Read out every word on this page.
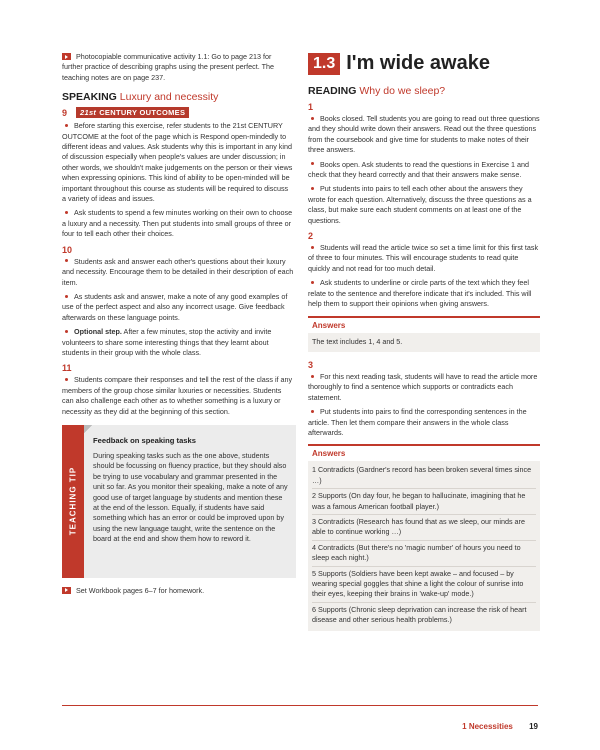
Photocopiable communicative activity 1.1: Go to page 213 for further practice of describing graphs using the present perfect. The teaching notes are on page 237.

SPEAKING Luxury and necessity
9	21st CENTURY OUTCOMES

Before starting this exercise, refer students to the 21st CENTURY OUTCOME at the foot of the page which is Respond open-mindedly to different ideas and values. Ask students why this is important in any kind of discussion especially when people's values are under discussion; in other words, we shouldn't make judgements on the person or their views when expressing opinions. This kind of ability to be open-minded will be important throughout this course as students will be required to discuss a variety of ideas and issues.

Ask students to spend a few minutes working on their own to choose a luxury and a necessity. Then put students into small groups of three or four to tell each other their choices.

10

Students ask and answer each other's questions about their luxury and necessity. Encourage them to be detailed in their description of each item.

As students ask and answer, make a note of any good examples of use of the perfect aspect and also any incorrect usage. Give feedback afterwards on these language points.

Optional step. After a few minutes, stop the activity and invite volunteers to share some interesting things that they learnt about students in their group with the whole class.

11

Students compare their responses and tell the rest of the class if any members of the group chose similar luxuries or necessities. Students can also challenge each other as to whether something is a luxury or necessity as they did at the beginning of this section.

TEACHING TIP
Feedback on speaking tasks

During speaking tasks such as the one above, students should be focussing on fluency practice, but they should also be trying to use vocabulary and grammar presented in the unit so far. As you monitor their speaking, make a note of any good use of target language by students and mention these at the end of the lesson. Equally, if students have said something which has an error or could be improved upon by using the new language taught, write the sentence on the board at the end and show them how to reword it.

Set Workbook pages 6–7 for homework.

1.3 I'm wide awake
READING Why do we sleep?
1

Books closed. Tell students you are going to read out three questions and they should write down their answers. Read out the three questions from the coursebook and give time for students to make notes of their three answers.

Books open. Ask students to read the questions in Exercise 1 and check that they heard correctly and that their answers make sense.

Put students into pairs to tell each other about the answers they wrote for each question. Alternatively, discuss the three questions as a class, but make sure each student comments on at least one of the questions.

2

Students will read the article twice so set a time limit for this first task of three to four minutes. This will encourage students to read quite quickly and not read for too much detail.

Ask students to underline or circle parts of the text which they feel relate to the sentence and therefore indicate that it's included. This will help them to support their opinions when giving answers.

Answers

The text includes 1, 4 and 5.

3

For this next reading task, students will have to read the article more thoroughly to find a sentence which supports or contradicts each statement.

Put students into pairs to find the corresponding sentences in the article. Then let them compare their answers in the whole class afterwards.

Answers

1 Contradicts (Gardner's record has been broken several times since …)

2 Supports (On day four, he began to hallucinate, imagining that he was a famous American football player.)

3 Contradicts (Research has found that as we sleep, our minds are able to continue working …)

4 Contradicts (But there's no 'magic number' of hours you need to sleep each night.)

5 Supports (Soldiers have been kept awake – and focused – by wearing special goggles that shine a light the colour of sunrise into their eyes, keeping their brains in 'wake-up' mode.)

6 Supports (Chronic sleep deprivation can increase the risk of heart disease and other serious health problems.)

1 Necessities 19
